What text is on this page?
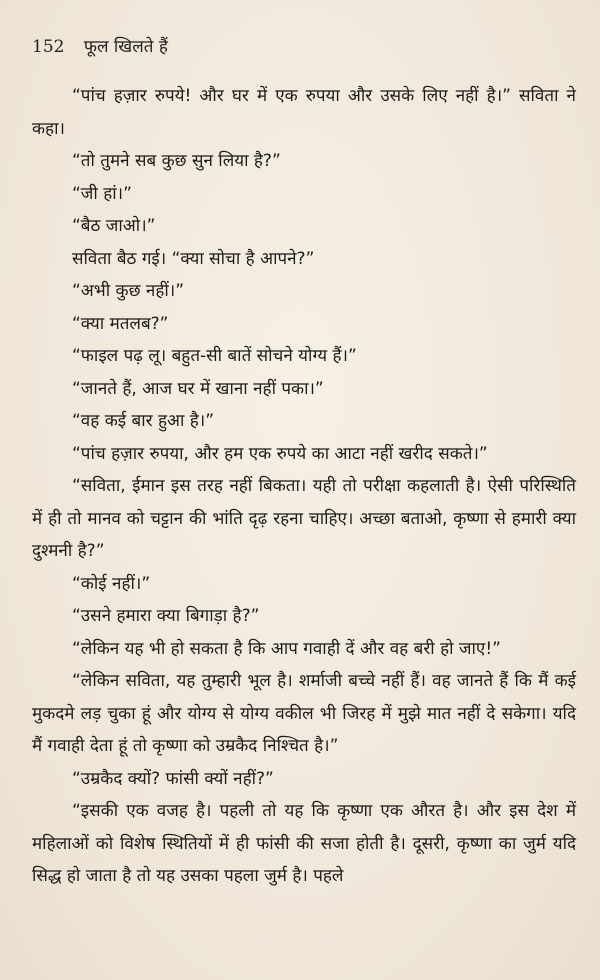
152 फूल खिलते हैं

“पांच हज़ार रुपये! और घर में एक रुपया और उसके लिए नहीं है।” सविता ने कहा।

“तो तुमने सब कुछ सुन लिया है?”

“जी हां।”

“बैठ जाओ।”

सविता बैठ गई। “क्या सोचा है आपने?”

“अभी कुछ नहीं।”

“क्या मतलब?”

“फाइल पढ़ लू। बहुत-सी बातें सोचने योग्य हैं।”

“जानते हैं, आज घर में खाना नहीं पका।”

“वह कई बार हुआ है।”

“पांच हज़ार रुपया, और हम एक रुपये का आटा नहीं खरीद सकते।”

“सविता, ईमान इस तरह नहीं बिकता। यही तो परीक्षा कहलाती है। ऐसी परिस्थिति में ही तो मानव को चट्टान की भांति दृढ़ रहना चाहिए। अच्छा बताओ, कृष्णा से हमारी क्या दुश्मनी है?”

“कोई नहीं।”

“उसने हमारा क्या बिगाड़ा है?”

“लेकिन यह भी हो सकता है कि आप गवाही दें और वह बरी हो जाए!”

“लेकिन सविता, यह तुम्हारी भूल है। शर्माजी बच्चे नहीं हैं। वह जानते हैं कि मैं कई मुकदमे लड़ चुका हूं और योग्य से योग्य वकील भी जिरह में मुझे मात नहीं दे सकेगा। यदि मैं गवाही देता हूं तो कृष्णा को उम्रकैद निश्चित है।”

“उम्रकैद क्यों? फांसी क्यों नहीं?”

“इसकी एक वजह है। पहली तो यह कि कृष्णा एक औरत है। और इस देश में महिलाओं को विशेष स्थितियों में ही फांसी की सजा होती है। दूसरी, कृष्णा का जुर्म यदि सिद्ध हो जाता है तो यह उसका पहला जुर्म है। पहले
